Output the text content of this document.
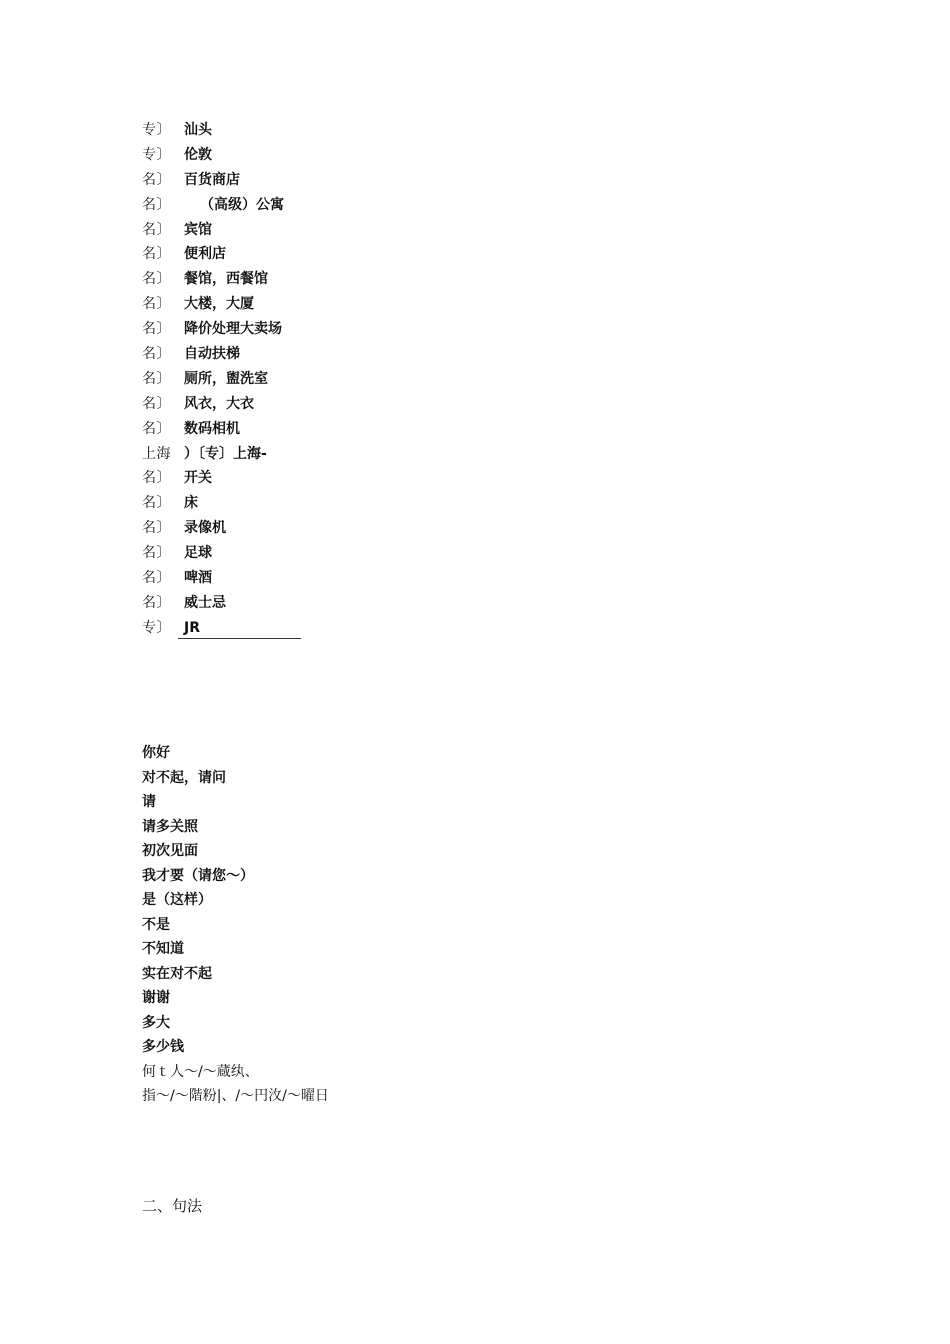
专〕 汕头
专〕 伦敦
名〕 百货商店
名〕 （高级）公寓
名〕 宾馆
名〕 便利店
名〕 餐馆，西餐馆
名〕 大楼，大厦
名〕 降价处理大卖场
名〕 自动扶梯
名〕 厕所，盥洗室
名〕 风衣，大衣
名〕 数码相机
上海 ）〔专〕上海-
名〕 开关
名〕 床
名〕 录像机
名〕 足球
名〕 啤酒
名〕 威士忌
专〕 JR
你好
对不起，请问
请
请多关照
初次见面
我才要（请您～）
是（这样）
不是
不知道
实在对不起
谢谢
多大
多少钱
何ｔ人〜/〜蔵纨、
指〜/〜階粉|、/〜円㳊/〜曜日
二、句法
